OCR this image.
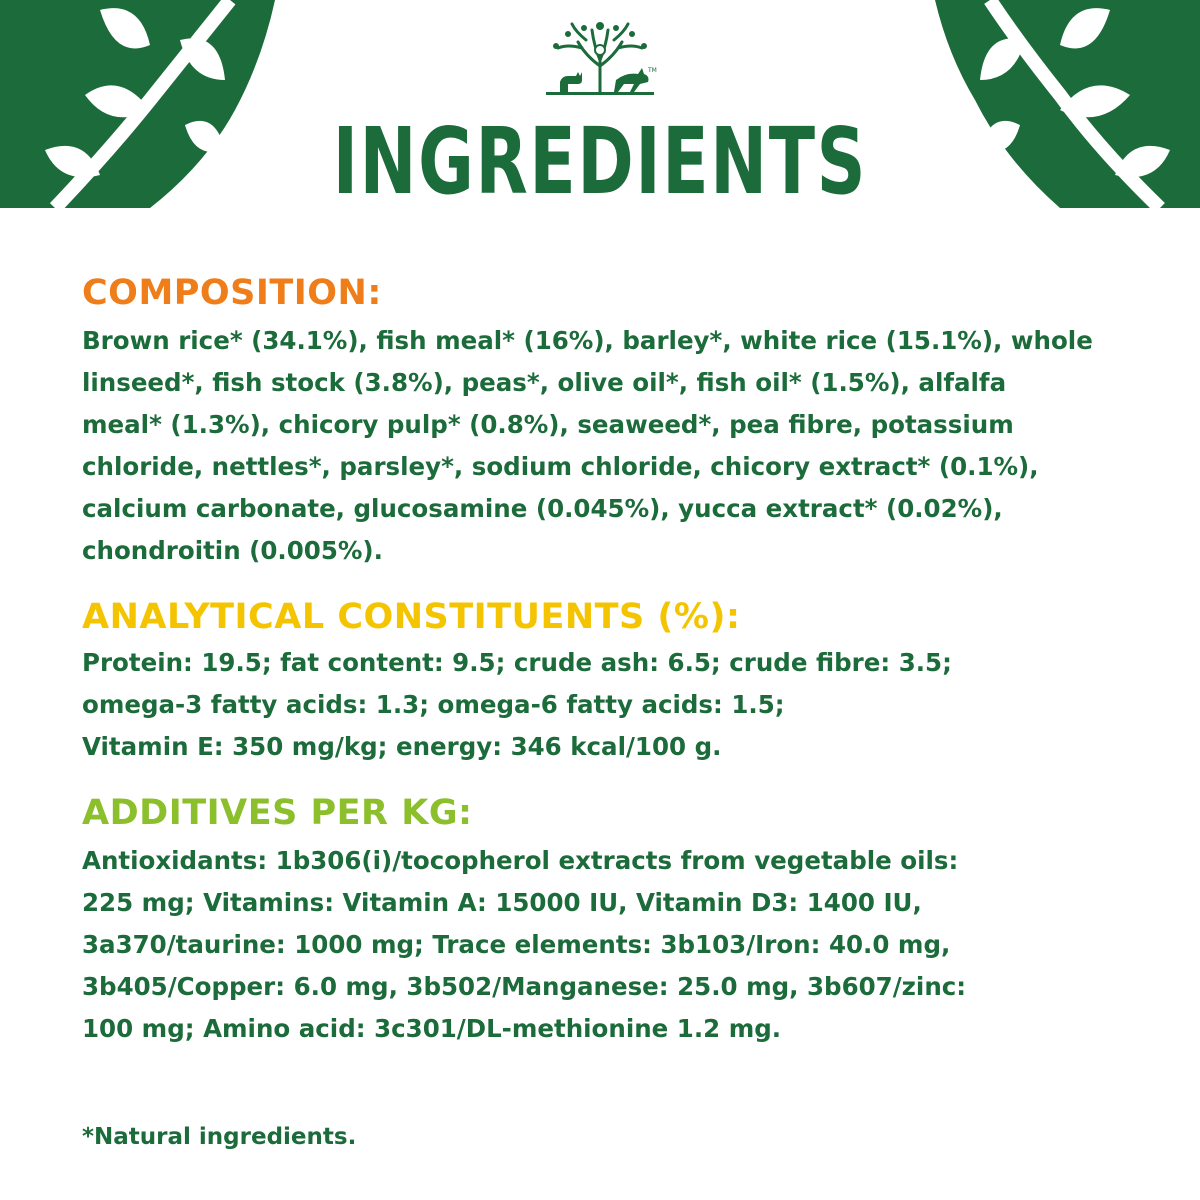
TM
INGREDIENTS
COMPOSITION:
Brown rice* (34.1%), fish meal* (16%), barley*, white rice (15.1%), whole
linseed*, fish stock (3.8%), peas*, olive oil*, fish oil* (1.5%), alfalfa
meal* (1.3%), chicory pulp* (0.8%), seaweed*, pea fibre, potassium
chloride, nettles*, parsley*, sodium chloride, chicory extract* (0.1%),
calcium carbonate, glucosamine (0.045%), yucca extract* (0.02%),
chondroitin (0.005%).
ANALYTICAL CONSTITUENTS (%):
Protein: 19.5; fat content: 9.5; crude ash: 6.5; crude fibre: 3.5;
omega-3 fatty acids: 1.3; omega-6 fatty acids: 1.5;
Vitamin E: 350 mg/kg; energy: 346 kcal/100 g.
ADDITIVES PER KG:
Antioxidants: 1b306(i)/tocopherol extracts from vegetable oils:
225 mg; Vitamins: Vitamin A: 15000 IU, Vitamin D3: 1400 IU,
3a370/taurine: 1000 mg; Trace elements: 3b103/Iron: 40.0 mg,
3b405/Copper: 6.0 mg, 3b502/Manganese: 25.0 mg, 3b607/zinc:
100 mg; Amino acid: 3c301/DL-methionine 1.2 mg.
*Natural ingredients.
